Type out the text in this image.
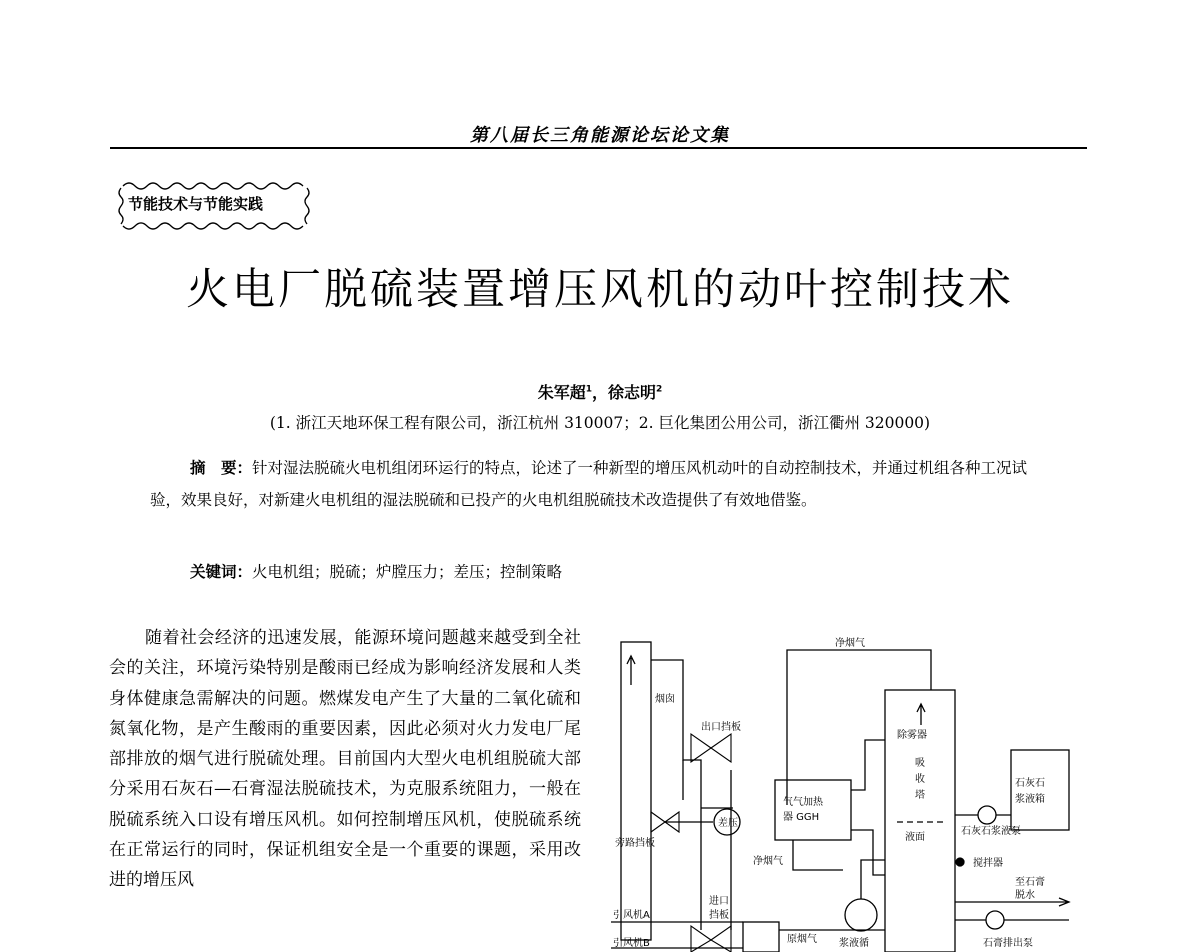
第八届长三角能源论坛论文集
节能技术与节能实践
火电厂脱硫装置增压风机的动叶控制技术
朱军超$^1$，徐志明$^2$
(1. 浙江天地环保工程有限公司，浙江杭州 310007；2. 巨化集团公用公司，浙江衢州 320000)

摘　要：针对湿法脱硫火电机组闭环运行的特点，论述了一种新型的增压风机动叶的自动控制技术，并通过机组各种工况试验，效果良好，对新建火电机组的湿法脱硫和已投产的火电机组脱硫技术改造提供了有效地借鉴。

关键词：火电机组；脱硫；炉膛压力；差压；控制策略

随着社会经济的迅速发展，能源环境问题越来越受到全社会的关注，环境污染特别是酸雨已经成为影响经济发展和人类身体健康急需解决的问题。燃煤发电产生了大量的二氧化硫和氮氧化物，是产生酸雨的重要因素，因此必须对火力发电厂尾部排放的烟气进行脱硫处理。目前国内大型火电机组脱硫大部分采用石灰石—石膏湿法脱硫技术，为克服系统阻力，一般在脱硫系统入口设有增压风机。如何控制增压风机，使脱硫系统在正常运行的同时，保证机组安全是一个重要的课题，采用改进的增压风

净烟气
烟囱
出口挡板
除雾器
吸
收
塔
石灰石
浆液箱
差压
气气加热
器 GGH
液面
石灰石浆液泵
旁路挡板
净烟气	搅拌器
至石膏
脱水
进口
挡板
引风机A
引风机B	原烟气 浆液循	石膏排出泵
